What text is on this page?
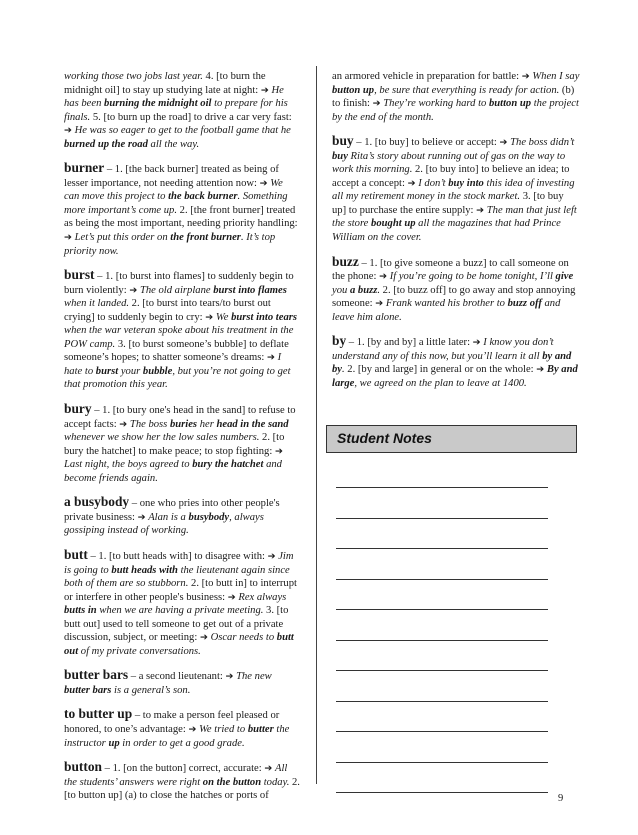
working those two jobs last year. 4. [to burn the midnight oil] to stay up studying late at night: ➔ He has been burning the midnight oil to prepare for his finals. 5. [to burn up the road] to drive a car very fast: ➔ He was so eager to get to the football game that he burned up the road all the way.

burner – 1. [the back burner] treated as being of lesser importance, not needing attention now: ➔ We can move this project to the back burner. Something more important’s come up. 2. [the front burner] treated as being the most important, needing priority handling: ➔ Let’s put this order on the front burner. It’s top priority now.

burst – 1. [to burst into flames] to suddenly begin to burn violently: ➔ The old airplane burst into flames when it landed. 2. [to burst into tears/to burst out crying] to suddenly begin to cry: ➔ We burst into tears when the war veteran spoke about his treatment in the POW camp. 3. [to burst someone’s bubble] to deflate someone’s hopes; to shatter someone’s dreams: ➔ I hate to burst your bubble, but you’re not going to get that promotion this year.

bury – 1. [to bury one's head in the sand] to refuse to accept facts: ➔ The boss buries her head in the sand whenever we show her the low sales numbers. 2. [to bury the hatchet] to make peace; to stop fighting: ➔ Last night, the boys agreed to bury the hatchet and become friends again.

a busybody – one who pries into other people's private business: ➔ Alan is a busybody, always gossiping instead of working.

butt – 1. [to butt heads with] to disagree with: ➔ Jim is going to butt heads with the lieutenant again since both of them are so stubborn. 2. [to butt in] to interrupt or interfere in other people's business: ➔ Rex always butts in when we are having a private meeting. 3. [to butt out] used to tell someone to get out of a private discussion, subject, or meeting: ➔ Oscar needs to butt out of my private conversations.

butter bars – a second lieutenant: ➔ The new butter bars is a general’s son.

to butter up – to make a person feel pleased or honored, to one’s advantage: ➔ We tried to butter the instructor up in order to get a good grade.

button – 1. [on the button] correct, accurate: ➔ All the students’ answers were right on the button today. 2. [to button up] (a) to close the hatches or ports of

an armored vehicle in preparation for battle: ➔ When I say button up, be sure that everything is ready for action. (b) to finish: ➔ They’re working hard to button up the project by the end of the month.

buy – 1. [to buy] to believe or accept: ➔ The boss didn’t buy Rita’s story about running out of gas on the way to work this morning. 2. [to buy into] to believe an idea; to accept a concept: ➔ I don’t buy into this idea of investing all my retirement money in the stock market. 3. [to buy up] to purchase the entire supply: ➔ The man that just left the store bought up all the magazines that had Prince William on the cover.

buzz – 1. [to give someone a buzz] to call someone on the phone: ➔ If you’re going to be home tonight, I’ll give you a buzz. 2. [to buzz off] to go away and stop annoying someone: ➔ Frank wanted his brother to buzz off and leave him alone.

by – 1. [by and by] a little later: ➔ I know you don’t understand any of this now, but you’ll learn it all by and by. 2. [by and large] in general or on the whole: ➔ By and large, we agreed on the plan to leave at 1400.

Student Notes
9
